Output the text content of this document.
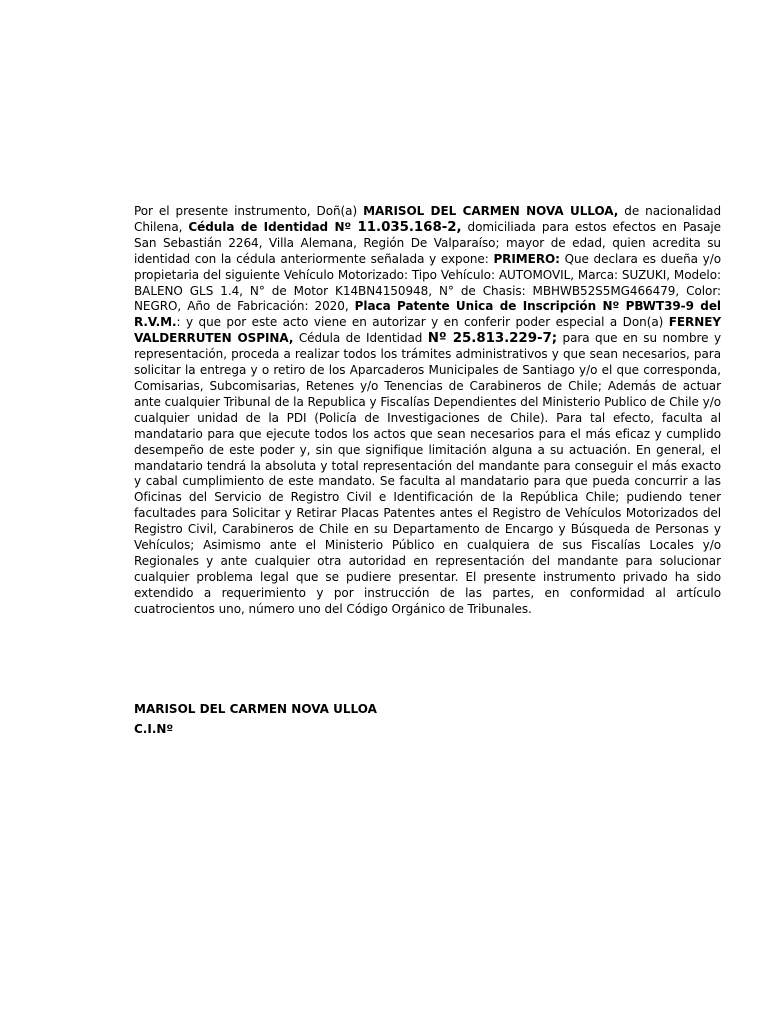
Por el presente instrumento, Doñ(a) MARISOL DEL CARMEN NOVA ULLOA, de nacionalidad Chilena, Cédula de Identidad Nº 11.035.168-2, domiciliada para estos efectos en Pasaje San Sebastián 2264, Villa Alemana, Región De Valparaíso; mayor de edad, quien acredita su identidad con la cédula anteriormente señalada y expone: PRIMERO: Que declara es dueña y/o propietaria del siguiente Vehículo Motorizado: Tipo Vehículo: AUTOMOVIL, Marca: SUZUKI, Modelo: BALENO GLS 1.4, N° de Motor K14BN4150948, N° de Chasis: MBHWB52S5MG466479, Color: NEGRO, Año de Fabricación: 2020, Placa Patente Unica de Inscripción Nº PBWT39-9 del R.V.M.: y que por este acto viene en autorizar y en conferir poder especial a Don(a) FERNEY VALDERRUTEN OSPINA, Cédula de Identidad Nº 25.813.229-7; para que en su nombre y representación, proceda a realizar todos los trámites administrativos y que sean necesarios, para solicitar la entrega y o retiro de los Aparcaderos Municipales de Santiago y/o el que corresponda, Comisarias, Subcomisarias, Retenes y/o Tenencias de Carabineros de Chile; Además de actuar ante cualquier Tribunal de la Republica y Fiscalías Dependientes del Ministerio Publico de Chile y/o cualquier unidad de la PDI (Policía de Investigaciones de Chile). Para tal efecto, faculta al mandatario para que ejecute todos los actos que sean necesarios para el más eficaz y cumplido desempeño de este poder y, sin que signifique limitación alguna a su actuación. En general, el mandatario tendrá la absoluta y total representación del mandante para conseguir el más exacto y cabal cumplimiento de este mandato. Se faculta al mandatario para que pueda concurrir a las Oficinas del Servicio de Registro Civil e Identificación de la República Chile; pudiendo tener facultades para Solicitar y Retirar Placas Patentes antes el Registro de Vehículos Motorizados del Registro Civil, Carabineros de Chile en su Departamento de Encargo y Búsqueda de Personas y Vehículos; Asimismo ante el Ministerio Público en cualquiera de sus Fiscalías Locales y/o Regionales y ante cualquier otra autoridad en representación del mandante para solucionar cualquier problema legal que se pudiere presentar. El presente instrumento privado ha sido extendido a requerimiento y por instrucción de las partes, en conformidad al artículo cuatrocientos uno, número uno del Código Orgánico de Tribunales.

MARISOL DEL CARMEN NOVA ULLOA

C.I.Nº
